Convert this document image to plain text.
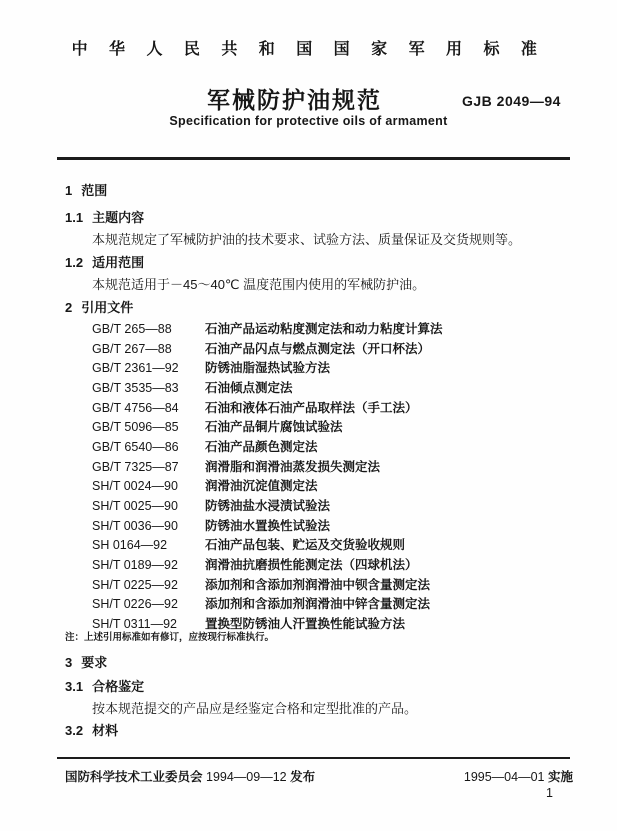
中 华 人 民 共 和 国 国 家 军 用 标 准
军械防护油规范	GJB 2049—94
Specification for protective oils of armament
1 范围
1.1 主题内容
本规范规定了军械防护油的技术要求、试验方法、质量保证及交货规则等。
1.2 适用范围
本规范适用于－45～40℃ 温度范围内使用的军械防护油。
2 引用文件
GB/T 265—88	石油产品运动粘度测定法和动力粘度计算法
GB/T 267—88	石油产品闪点与燃点测定法（开口杯法）
GB/T 2361—92	防锈油脂湿热试验方法
GB/T 3535—83	石油倾点测定法
GB/T 4756—84	石油和液体石油产品取样法（手工法）
GB/T 5096—85	石油产品铜片腐蚀试验法
GB/T 6540—86	石油产品颜色测定法
GB/T 7325—87	润滑脂和润滑油蒸发损失测定法
SH/T 0024—90	润滑油沉淀值测定法
SH/T 0025—90	防锈油盐水浸渍试验法
SH/T 0036—90	防锈油水置换性试验法
SH 0164—92	石油产品包装、贮运及交货验收规则
SH/T 0189—92	润滑油抗磨损性能测定法（四球机法）
SH/T 0225—92	添加剂和含添加剂润滑油中钡含量测定法
SH/T 0226—92	添加剂和含添加剂润滑油中锌含量测定法
SH/T 0311—92	置换型防锈油人汗置换性能试验方法
注：上述引用标准如有修订，应按现行标准执行。
3 要求
3.1 合格鉴定
按本规范提交的产品应是经鉴定合格和定型批准的产品。
3.2 材料
国防科学技术工业委员会 1994—09—12 发布	1995—04—01 实施
1
